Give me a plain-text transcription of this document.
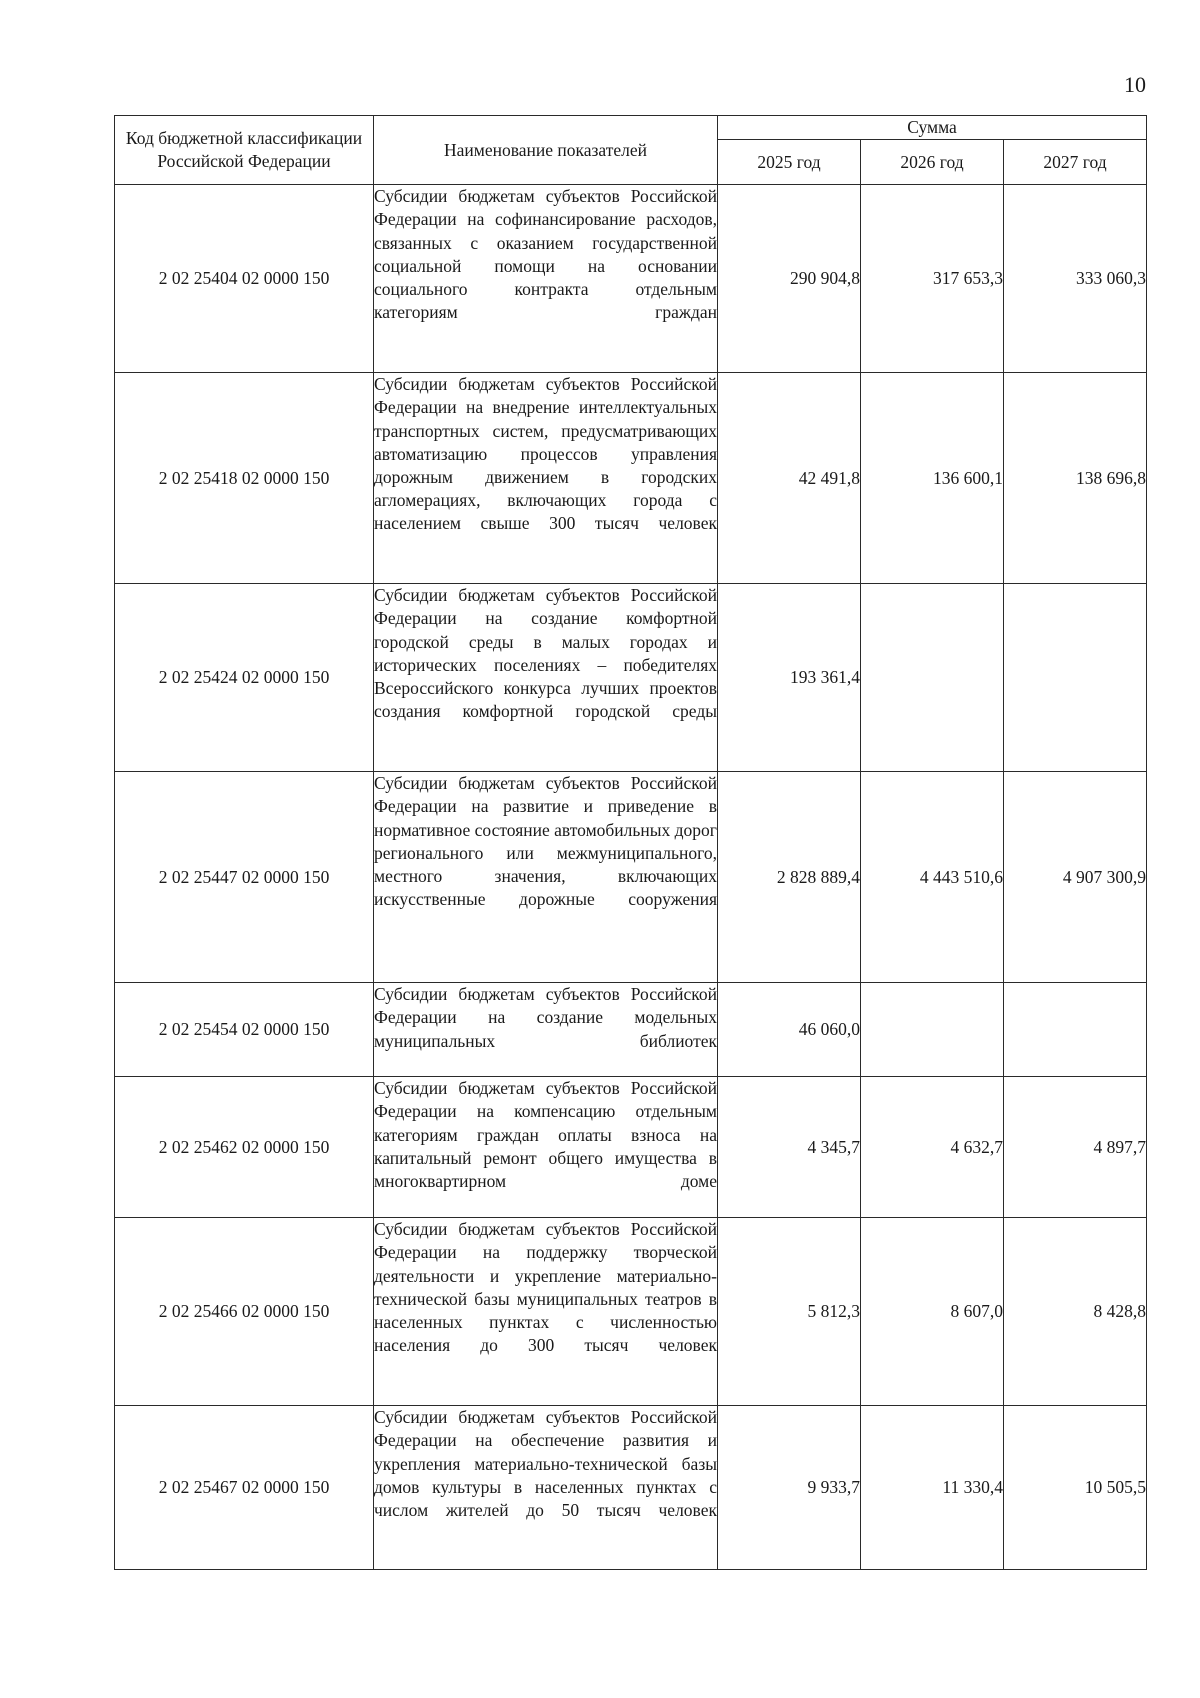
10
Код бюджетной классификации Российской Федерации	Наименование показателей	Сумма		
		2025 год	2026 год	2027 год
2 02 25404 02 0000 150	Субсидии бюджетам субъектов Российской Федерации на софинансирование расходов, связанных с оказанием государственной социальной помощи на основании социального контракта отдельным категориям граждан	290 904,8	317 653,3	333 060,3
2 02 25418 02 0000 150	Субсидии бюджетам субъектов Российской Федерации на внедрение интеллектуальных транспортных систем, предусматривающих автоматизацию процессов управления дорожным движением в городских агломерациях, включающих города с населением свыше 300 тысяч человек	42 491,8	136 600,1	138 696,8
2 02 25424 02 0000 150	Субсидии бюджетам субъектов Российской Федерации на создание комфортной городской среды в малых городах и исторических поселениях – победителях Всероссийского конкурса лучших проектов создания комфортной городской среды	193 361,4		
2 02 25447 02 0000 150	Субсидии бюджетам субъектов Российской Федерации на развитие и приведение в нормативное состояние автомобильных дорог регионального или межмуниципального, местного значения, включающих искусственные дорожные сооружения	2 828 889,4	4 443 510,6	4 907 300,9
2 02 25454 02 0000 150	Субсидии бюджетам субъектов Российской Федерации на создание модельных муниципальных библиотек	46 060,0		
2 02 25462 02 0000 150	Субсидии бюджетам субъектов Российской Федерации на компенсацию отдельным категориям граждан оплаты взноса на капитальный ремонт общего имущества в многоквартирном доме	4 345,7	4 632,7	4 897,7
2 02 25466 02 0000 150	Субсидии бюджетам субъектов Российской Федерации на поддержку творческой деятельности и укрепление материально-технической базы муниципальных театров в населенных пунктах с численностью населения до 300 тысяч человек	5 812,3	8 607,0	8 428,8
2 02 25467 02 0000 150	Субсидии бюджетам субъектов Российской Федерации на обеспечение развития и укрепления материально-технической базы домов культуры в населенных пунктах с числом жителей до 50 тысяч человек	9 933,7	11 330,4	10 505,5
